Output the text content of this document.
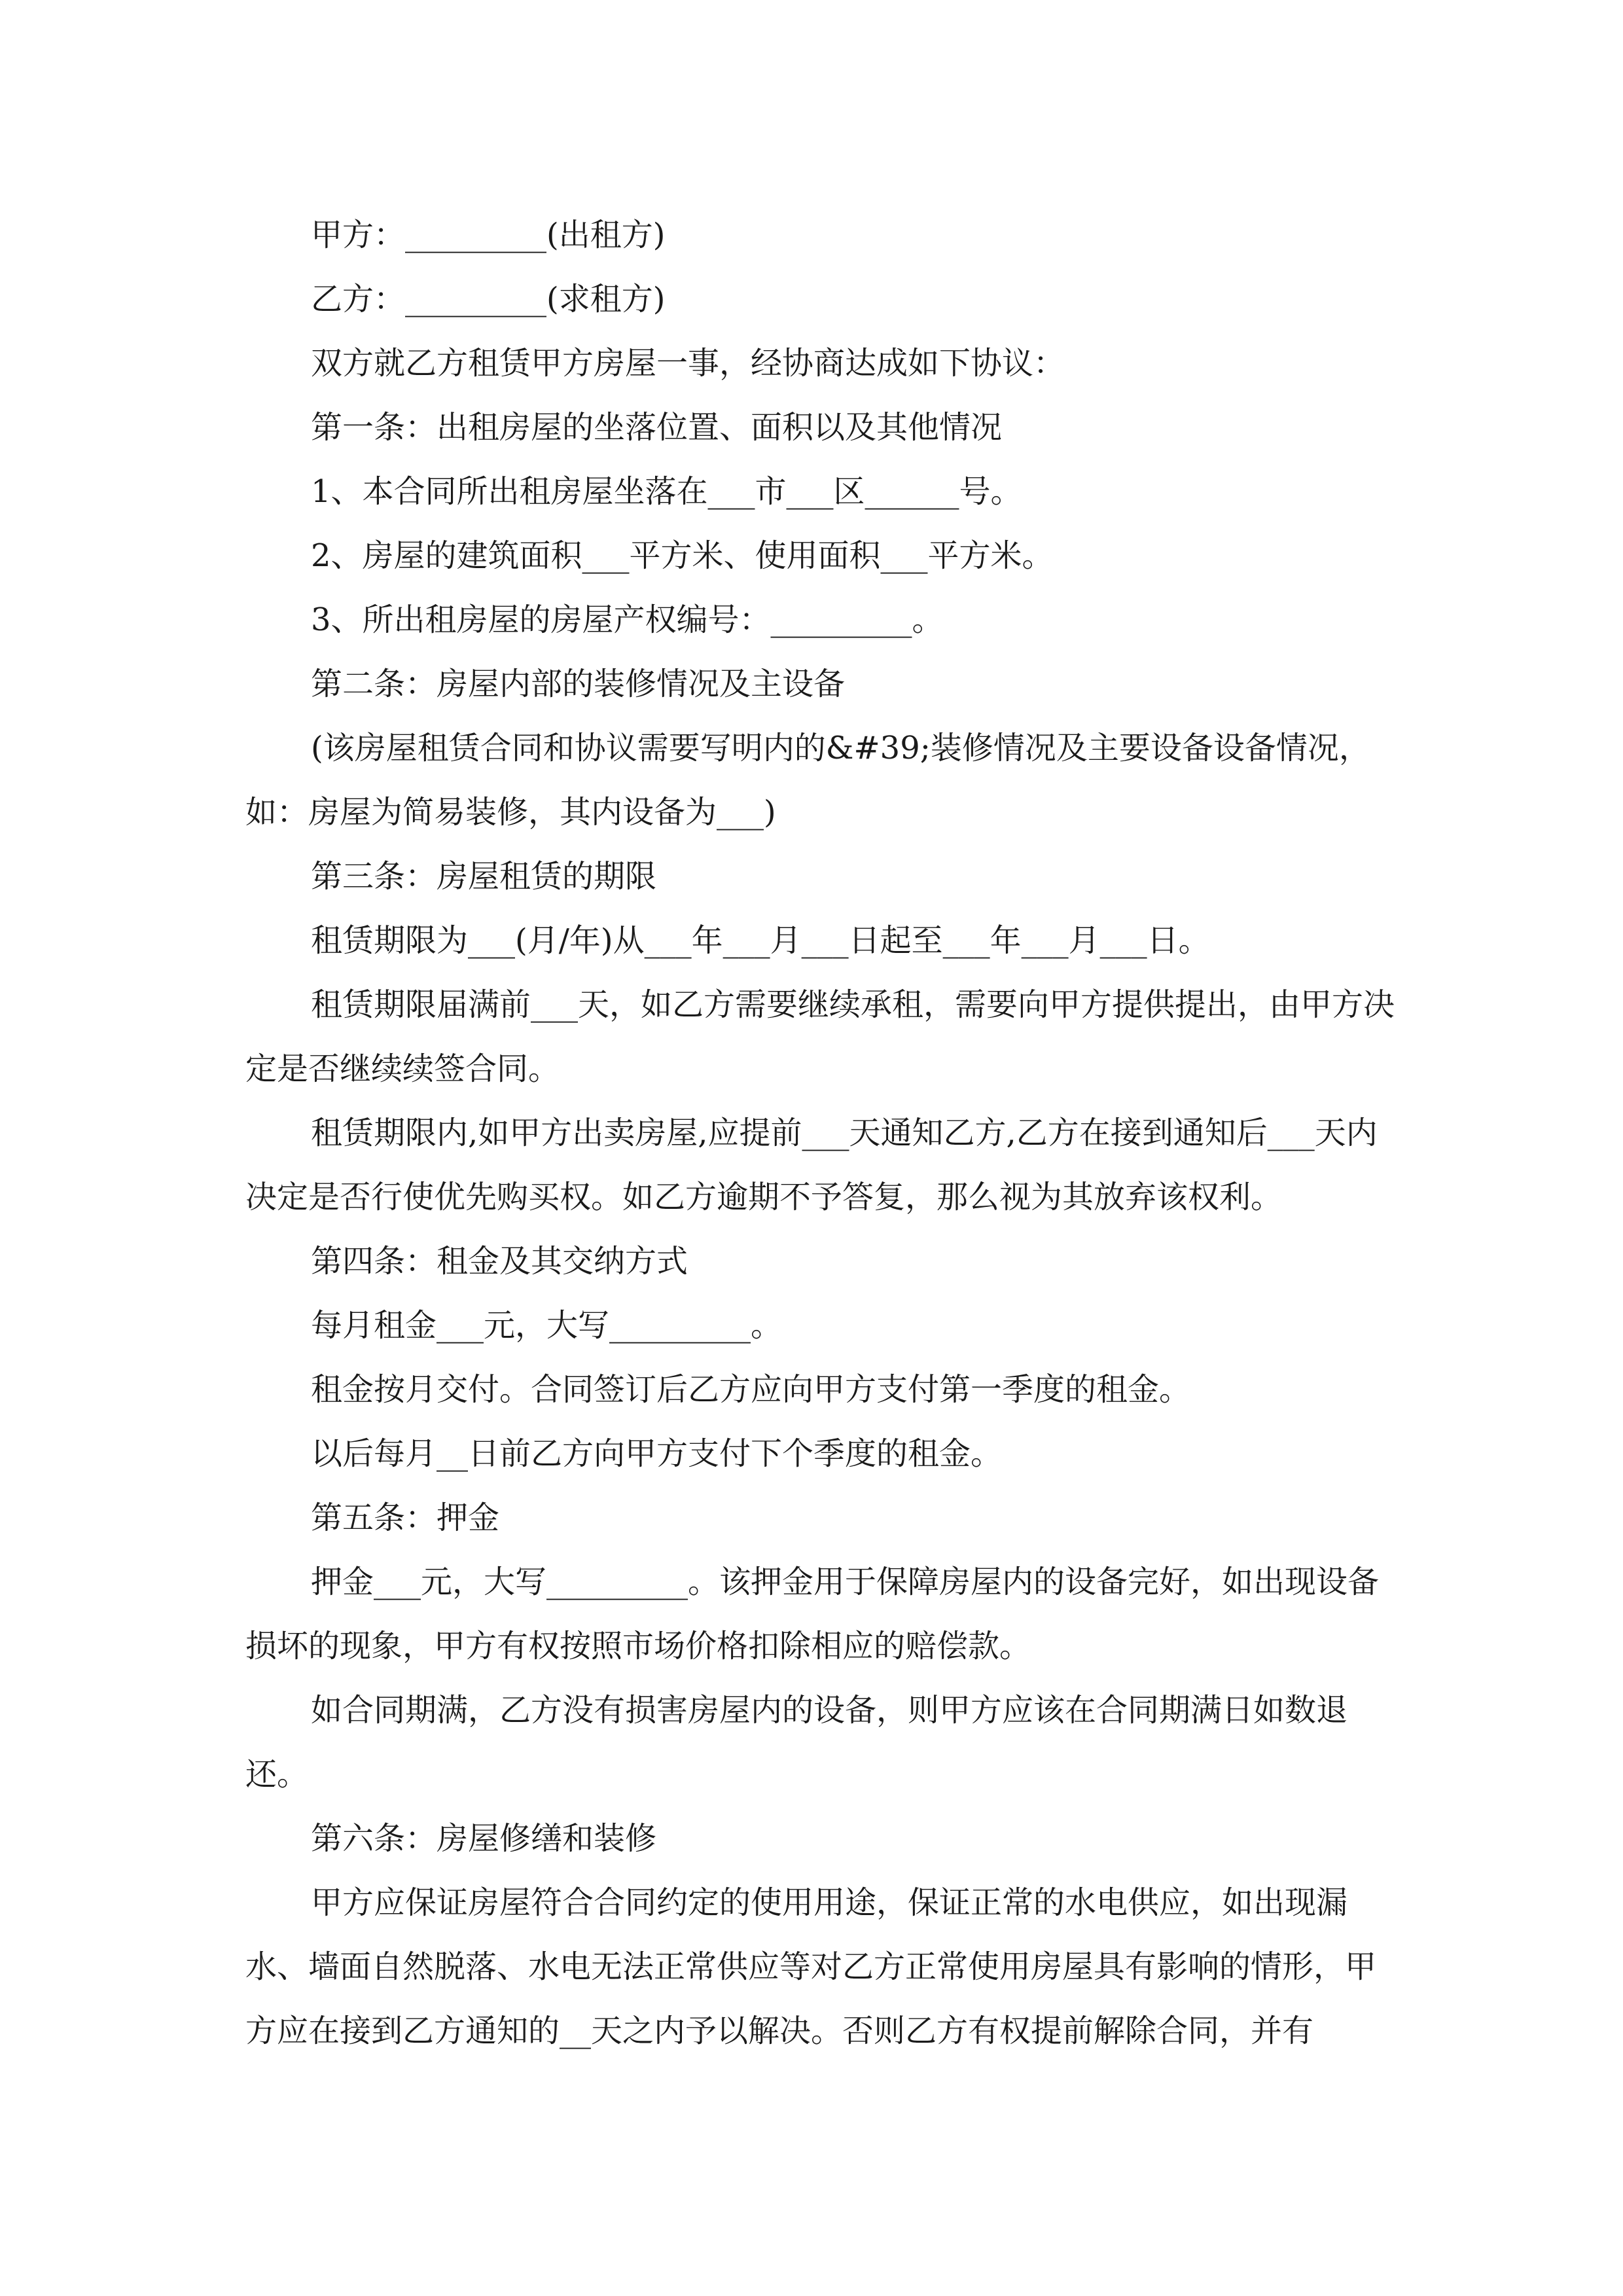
甲方：_________(出租方)

乙方：_________(求租方)

双方就乙方租赁甲方房屋一事，经协商达成如下协议：

第一条：出租房屋的坐落位置、面积以及其他情况

1、本合同所出租房屋坐落在___市___区______号。

2、房屋的建筑面积___平方米、使用面积___平方米。

3、所出租房屋的房屋产权编号：_________。

第二条：房屋内部的装修情况及主设备

(该房屋租赁合同和协议需要写明内的&#39;装修情况及主要设备设备情况，如：房屋为简易装修，其内设备为___)

第三条：房屋租赁的期限

租赁期限为___(月/年)从___年___月___日起至___年___月___日。

租赁期限届满前___天，如乙方需要继续承租，需要向甲方提供提出，由甲方决定是否继续续签合同。

租赁期限内,如甲方出卖房屋,应提前___天通知乙方,乙方在接到通知后___天内决定是否行使优先购买权。如乙方逾期不予答复，那么视为其放弃该权利。

第四条：租金及其交纳方式

每月租金___元，大写_________。

租金按月交付。合同签订后乙方应向甲方支付第一季度的租金。

以后每月__日前乙方向甲方支付下个季度的租金。

第五条：押金

押金___元，大写_________。该押金用于保障房屋内的设备完好，如出现设备损坏的现象，甲方有权按照市场价格扣除相应的赔偿款。

如合同期满，乙方没有损害房屋内的设备，则甲方应该在合同期满日如数退还。

第六条：房屋修缮和装修

甲方应保证房屋符合合同约定的使用用途，保证正常的水电供应，如出现漏水、墙面自然脱落、水电无法正常供应等对乙方正常使用房屋具有影响的情形，甲方应在接到乙方通知的__天之内予以解决。否则乙方有权提前解除合同，并有
